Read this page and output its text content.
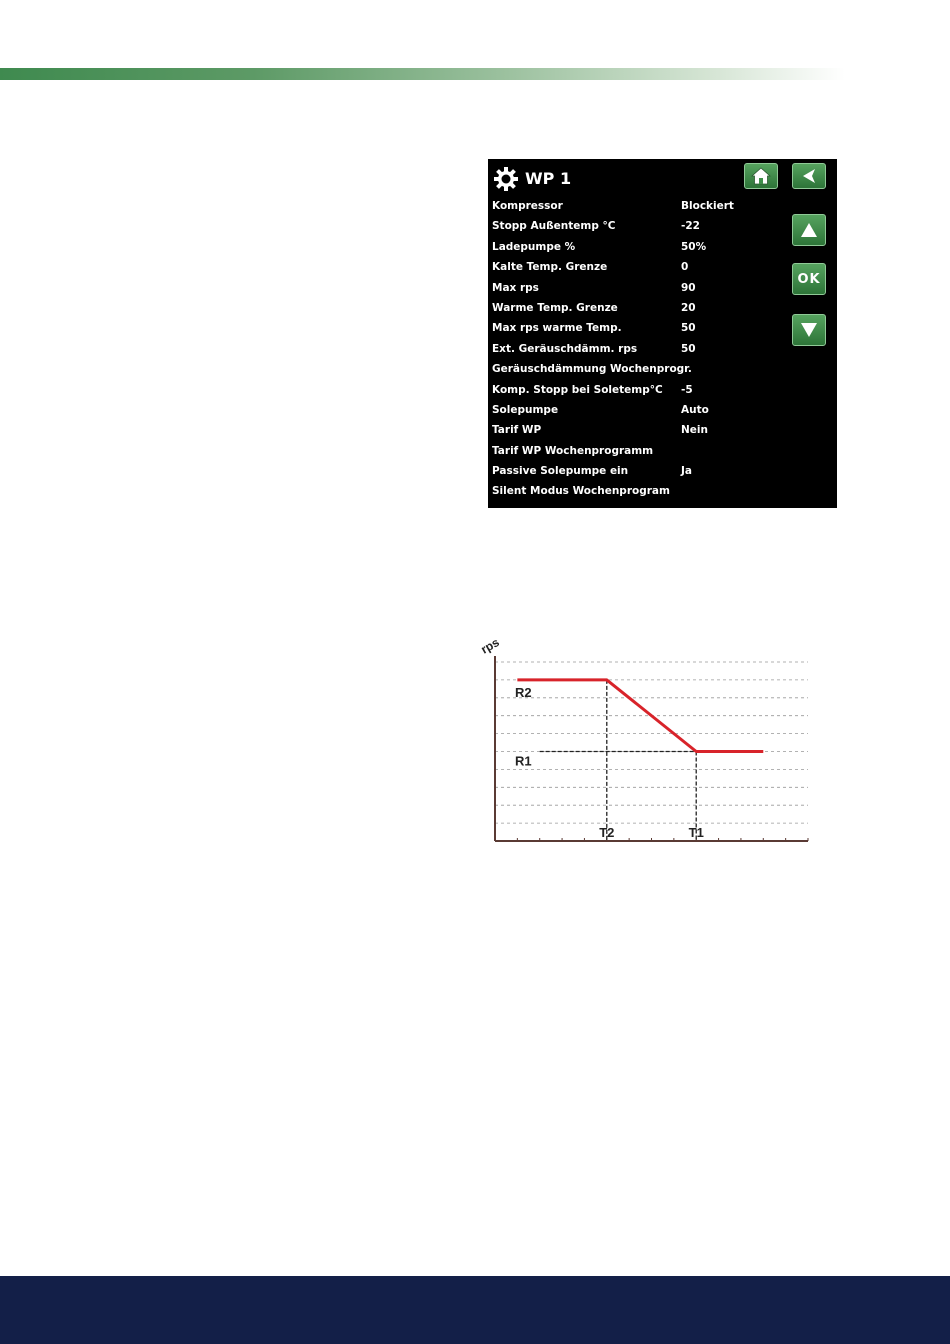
WP 1
OK
Kompressor	Blockiert
Stopp Außentemp °C	-22
Ladepumpe %	50%
Kalte Temp. Grenze	0
Max rps	90
Warme Temp. Grenze	20
Max rps warme Temp.	50
Ext. Geräuschdämm. rps	50
Geräuschdämmung Wochenprogr.
Komp. Stopp bei Soletemp°C -5
Solepumpe	Auto
Tarif WP	Nein
Tarif WP Wochenprogramm
Passive Solepumpe ein	Ja
Silent Modus Wochenprogram
rps
R2
R1
T2	T1
